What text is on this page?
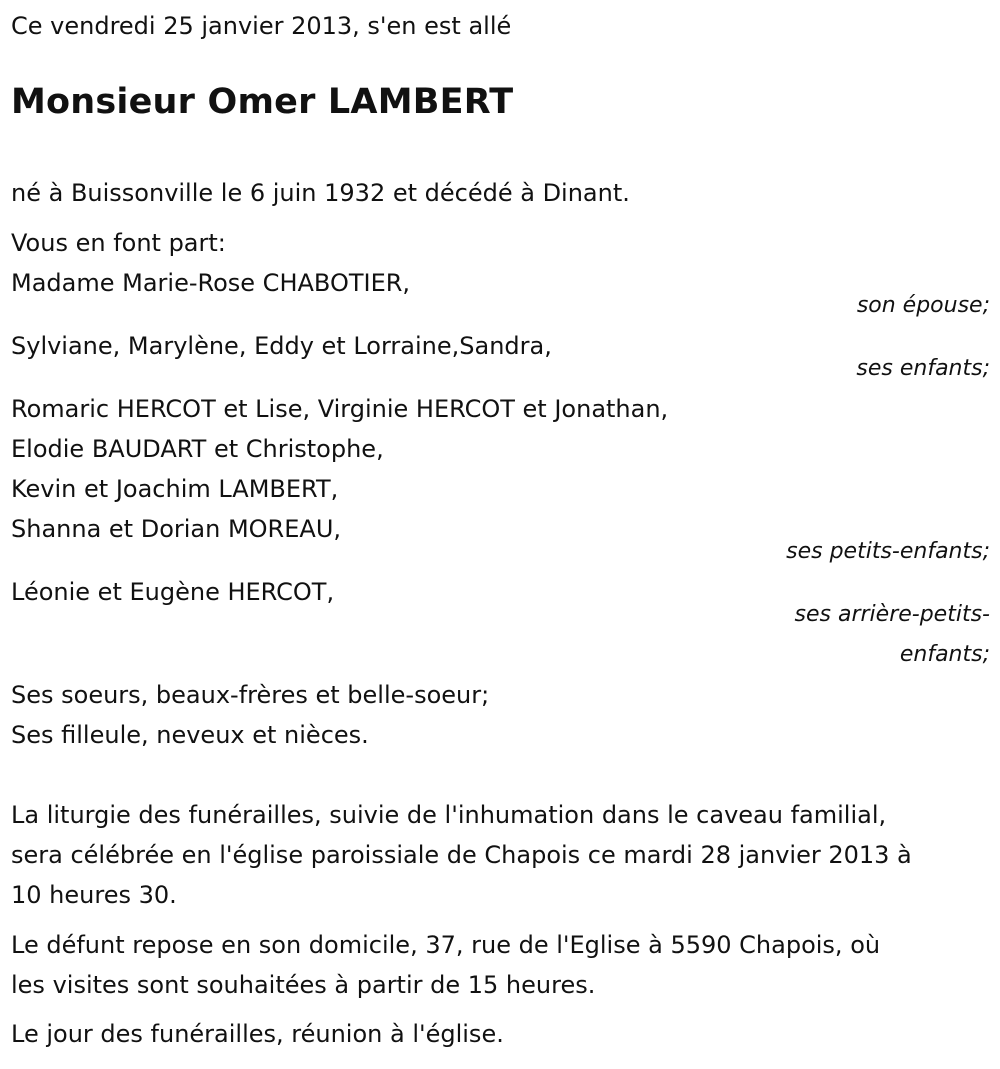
Ce vendredi 25 janvier 2013, s'en est allé
Monsieur Omer LAMBERT
né à Buissonville le 6 juin 1932 et décédé à Dinant.
Vous en font part:
Madame Marie-Rose CHABOTIER,
son épouse;
Sylviane, Marylène, Eddy et Lorraine,Sandra,
ses enfants;
Romaric HERCOT et Lise, Virginie HERCOT et Jonathan,
Elodie BAUDART et Christophe,
Kevin et Joachim LAMBERT,
Shanna et Dorian MOREAU,
ses petits-enfants;
Léonie et Eugène HERCOT,
ses arrière-petits-
enfants;
Ses soeurs, beaux-frères et belle-soeur;
Ses filleule, neveux et nièces.
La liturgie des funérailles, suivie de l'inhumation dans le caveau familial,
sera célébrée en l'église paroissiale de Chapois ce mardi 28 janvier 2013 à
10 heures 30.
Le défunt repose en son domicile, 37, rue de l'Eglise à 5590 Chapois, où
les visites sont souhaitées à partir de 15 heures.
Le jour des funérailles, réunion à l'église.
